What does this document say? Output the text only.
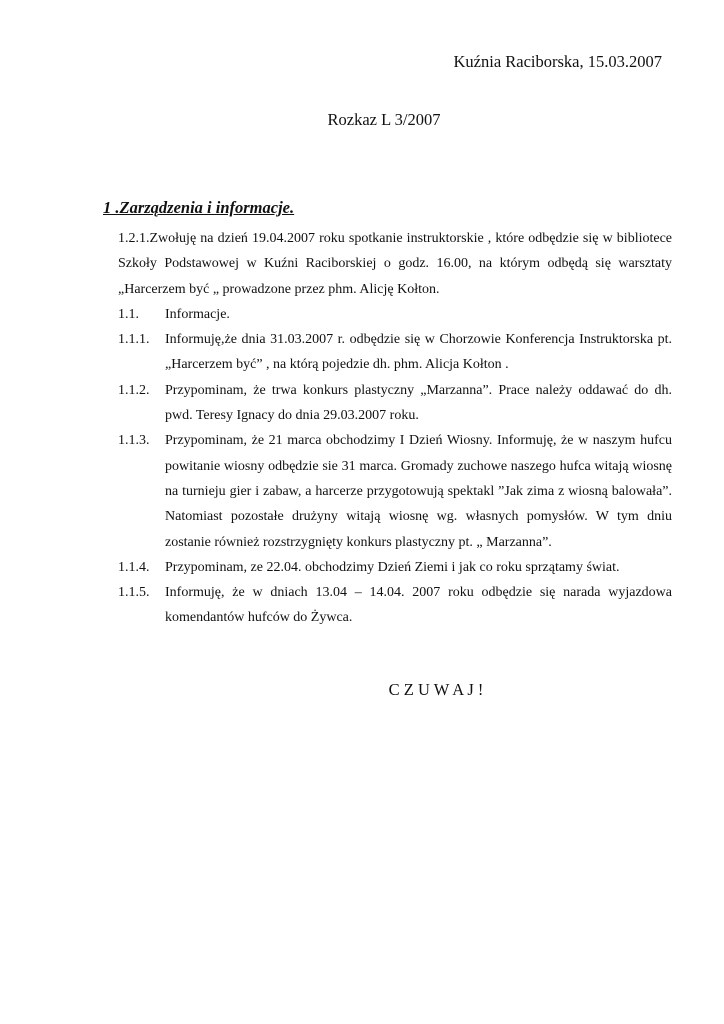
Kuźnia Raciborska, 15.03.2007
Rozkaz L 3/2007
1 .Zarządzenia i informacje.

1.2.1.Zwołuję na dzień 19.04.2007 roku spotkanie instruktorskie , które odbędzie się w bibliotece Szkoły Podstawowej w Kuźni Raciborskiej o godz. 16.00, na którym odbędą się warsztaty „Harcerzem być „ prowadzone przez phm. Alicję Kołton.

1.1.	Informacje.
1.1.1.	Informuję,że dnia 31.03.2007 r. odbędzie się w Chorzowie Konferencja Instruktorska pt. „Harcerzem być” , na którą pojedzie dh. phm. Alicja Kołton .
1.1.2.	Przypominam, że trwa konkurs plastyczny „Marzanna”. Prace należy oddawać do dh. pwd. Teresy Ignacy do dnia 29.03.2007 roku.
1.1.3.	Przypominam, że 21 marca obchodzimy I Dzień Wiosny. Informuję, że w naszym hufcu powitanie wiosny odbędzie sie 31 marca. Gromady zuchowe naszego hufca witają wiosnę na turnieju gier i zabaw, a harcerze przygotowują spektakl ”Jak zima z wiosną balowała”. Natomiast pozostałe drużyny witają wiosnę wg. własnych pomysłów. W tym dniu zostanie również rozstrzygnięty konkurs plastyczny pt. „ Marzanna”.
1.1.4.	Przypominam, ze 22.04. obchodzimy Dzień Ziemi i jak co roku sprzątamy świat.
1.1.5.	Informuję, że w dniach 13.04 – 14.04. 2007 roku odbędzie się narada wyjazdowa komendantów hufców do Żywca.
C Z U W A J !
